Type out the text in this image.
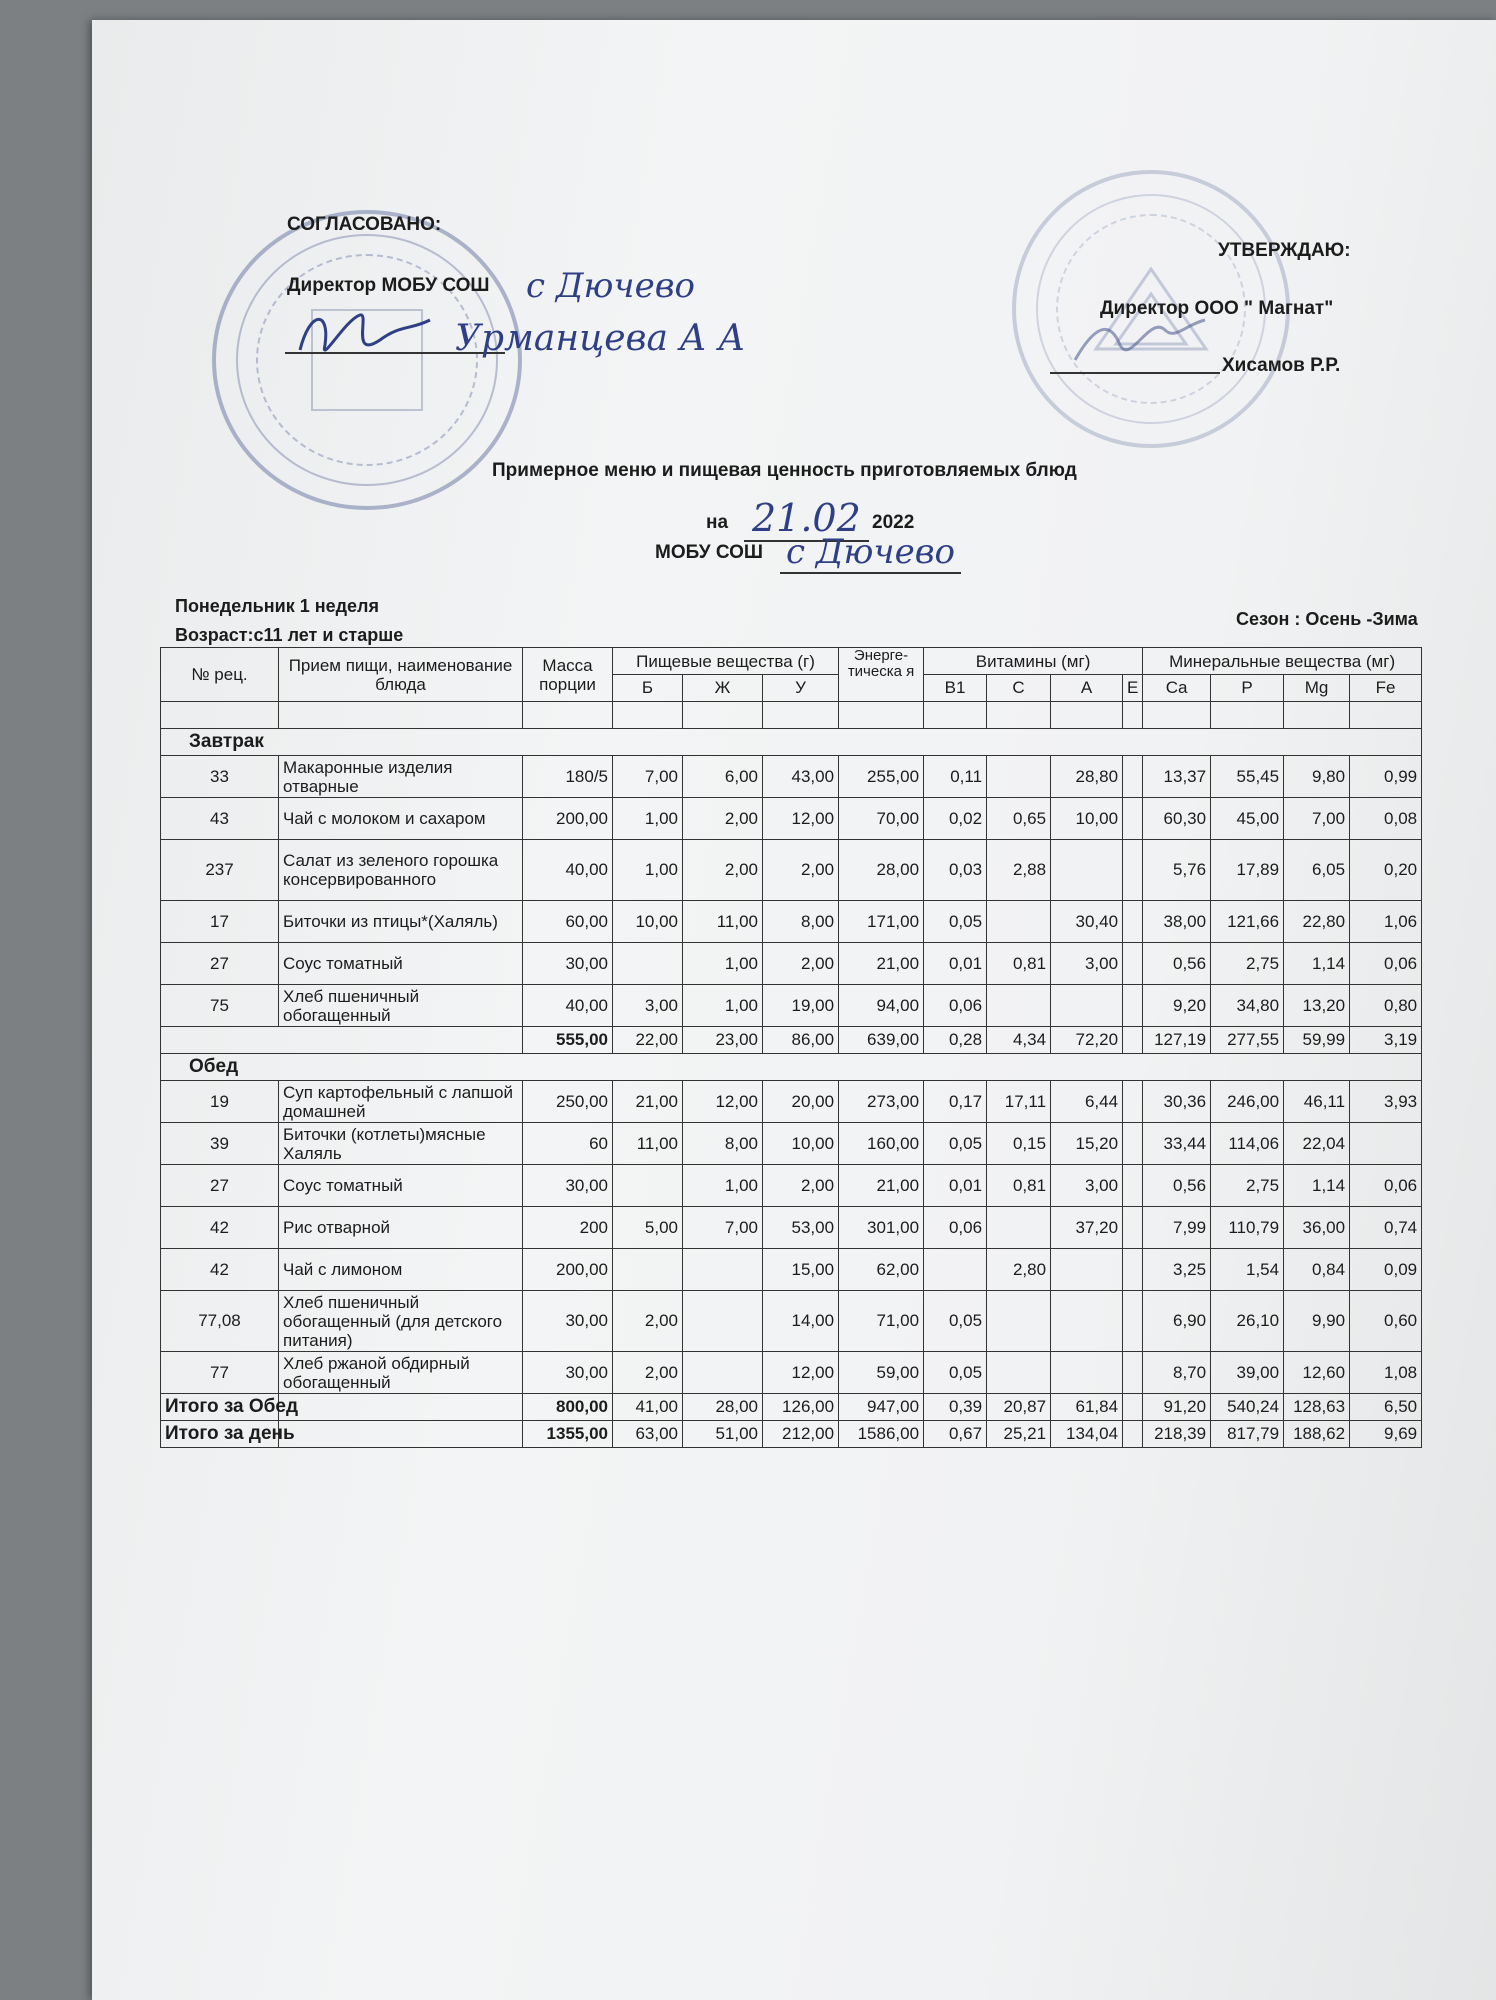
СОГЛАСОВАНО:
Директор МОБУ СОШ с Дючево
Урманцева А А
УТВЕРЖДАЮ:
Директор ООО " Магнат"
Хисамов Р.Р.
Примерное меню и пищевая ценность приготовляемых блюд
на 21.02 2022
МОБУ СОШ с Дючево
Понедельник 1 неделя
Возраст:с11 лет и старше
Сезон : Осень -Зима
№ рец.	Прием пищи, наименование блюда	Масса порции	Пищевые вещества (г)			Энерге-тическа я	Витамины (мг)				Минеральные вещества (мг)			
			Б	Ж	У		B1	C	A	E	Ca	P	Mg	Fe

Завтрак														
33	Макаронные изделия отварные	180/5	7,00	6,00	43,00	255,00	0,11		28,80		13,37	55,45	9,80	0,99
43	Чай с молоком и сахаром	200,00	1,00	2,00	12,00	70,00	0,02	0,65	10,00		60,30	45,00	7,00	0,08
237	Салат из зеленого горошка консервированного	40,00	1,00	2,00	2,00	28,00	0,03	2,88			5,76	17,89	6,05	0,20
17	Биточки из птицы*(Халяль)	60,00	10,00	11,00	8,00	171,00	0,05		30,40		38,00	121,66	22,80	1,06
27	Соус томатный	30,00		1,00	2,00	21,00	0,01	0,81	3,00		0,56	2,75	1,14	0,06
75	Хлеб пшеничный обогащенный	40,00	3,00	1,00	19,00	94,00	0,06				9,20	34,80	13,20	0,80
		555,00	22,00	23,00	86,00	639,00	0,28	4,34	72,20		127,19	277,55	59,99	3,19
Обед														
19	Суп картофельный с лапшой домашней	250,00	21,00	12,00	20,00	273,00	0,17	17,11	6,44		30,36	246,00	46,11	3,93
39	Биточки (котлеты)мясные Халяль	60	11,00	8,00	10,00	160,00	0,05	0,15	15,20		33,44	114,06	22,04	
27	Соус томатный	30,00		1,00	2,00	21,00	0,01	0,81	3,00		0,56	2,75	1,14	0,06
42	Рис отварной	200	5,00	7,00	53,00	301,00	0,06		37,20		7,99	110,79	36,00	0,74
42	Чай с лимоном	200,00			15,00	62,00		2,80			3,25	1,54	0,84	0,09
77,08	Хлеб пшеничный обогащенный (для детского питания)	30,00	2,00		14,00	71,00	0,05				6,90	26,10	9,90	0,60
77	Хлеб ржаной обдирный обогащенный	30,00	2,00		12,00	59,00	0,05				8,70	39,00	12,60	1,08
Итого за Обед		800,00	41,00	28,00	126,00	947,00	0,39	20,87	61,84		91,20	540,24	128,63	6,50
Итого за день		1355,00	63,00	51,00	212,00	1586,00	0,67	25,21	134,04		218,39	817,79	188,62	9,69
